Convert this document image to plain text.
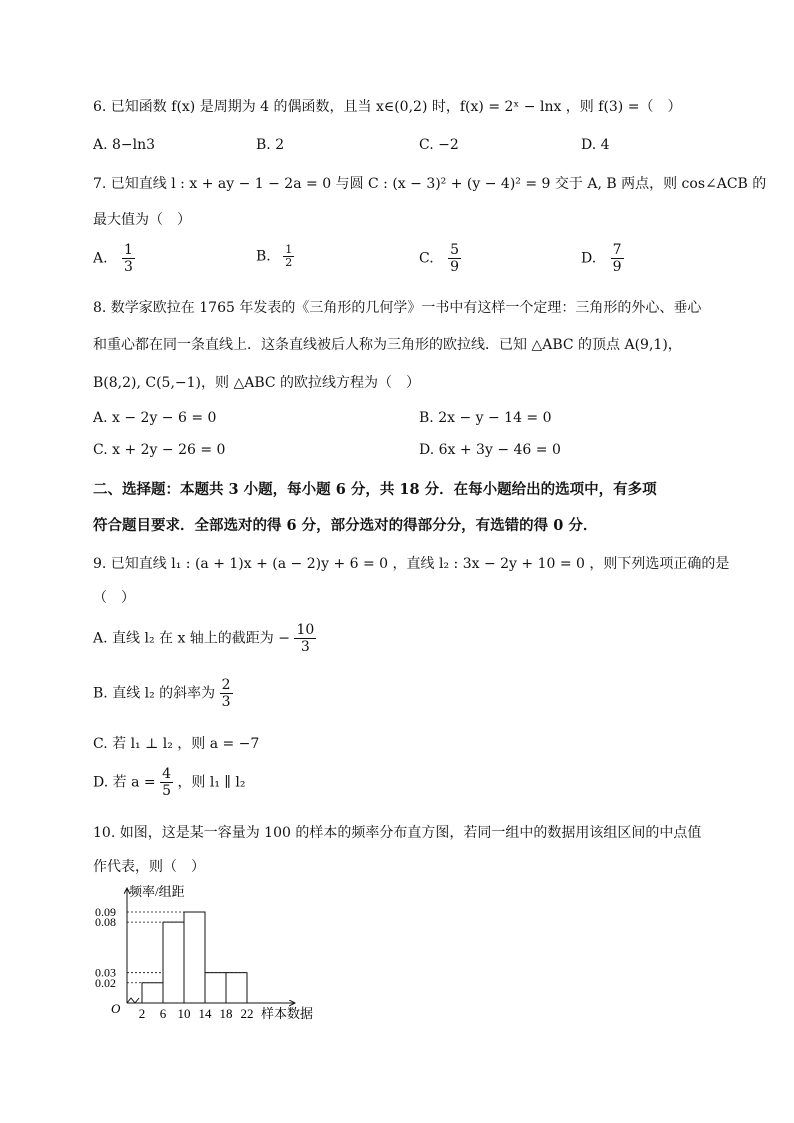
6. 已知函数 f(x) 是周期为 4 的偶函数，且当 x∈(0,2) 时，f(x) = 2ˣ − lnx ，则 f(3) =（　）
A. 8−ln3	B. 2	C. −2	D. 4
7. 已知直线 l : x + ay − 1 − 2a = 0 与圆 C : (x − 3)² + (y − 4)² = 9 交于 A, B 两点，则 cos∠ACB 的
最大值为（　）
A. $\frac{1}{3}$	B. $\frac{1}{2}$	C. $\frac{5}{9}$	D. $\frac{7}{9}$
8. 数学家欧拉在 1765 年发表的《三角形的几何学》一书中有这样一个定理：三角形的外心、垂心
和重心都在同一条直线上．这条直线被后人称为三角形的欧拉线．已知 △ABC 的顶点 A(9,1)，
B(8,2), C(5,−1)，则 △ABC 的欧拉线方程为（　）
A. x − 2y − 6 = 0	B. 2x − y − 14 = 0
C. x + 2y − 26 = 0	D. 6x + 3y − 46 = 0
二、选择题：本题共 3 小题，每小题 6 分，共 18 分．在每小题给出的选项中，有多项
符合题目要求．全部选对的得 6 分，部分选对的得部分分，有选错的得 0 分．
9. 已知直线 l₁ : (a + 1)x + (a − 2)y + 6 = 0 ，直线 l₂ : 3x − 2y + 10 = 0 ，则下列选项正确的是
（　）
A. 直线 l₂ 在 x 轴上的截距为 − $\frac{10}{3}$
B. 直线 l₂ 的斜率为 $\frac{2}{3}$
C. 若 l₁ ⊥ l₂ ，则 a = −7
D. 若 $a = \frac{4}{5}$ ，则 l₁ ∥ l₂
10. 如图，这是某一容量为 100 的样本的频率分布直方图，若同一组中的数据用该组区间的中点值
作代表，则（　）
频率/组距
样本数据
O
0.02
0.03
0.08
0.09
2 6 10 14 18 22
